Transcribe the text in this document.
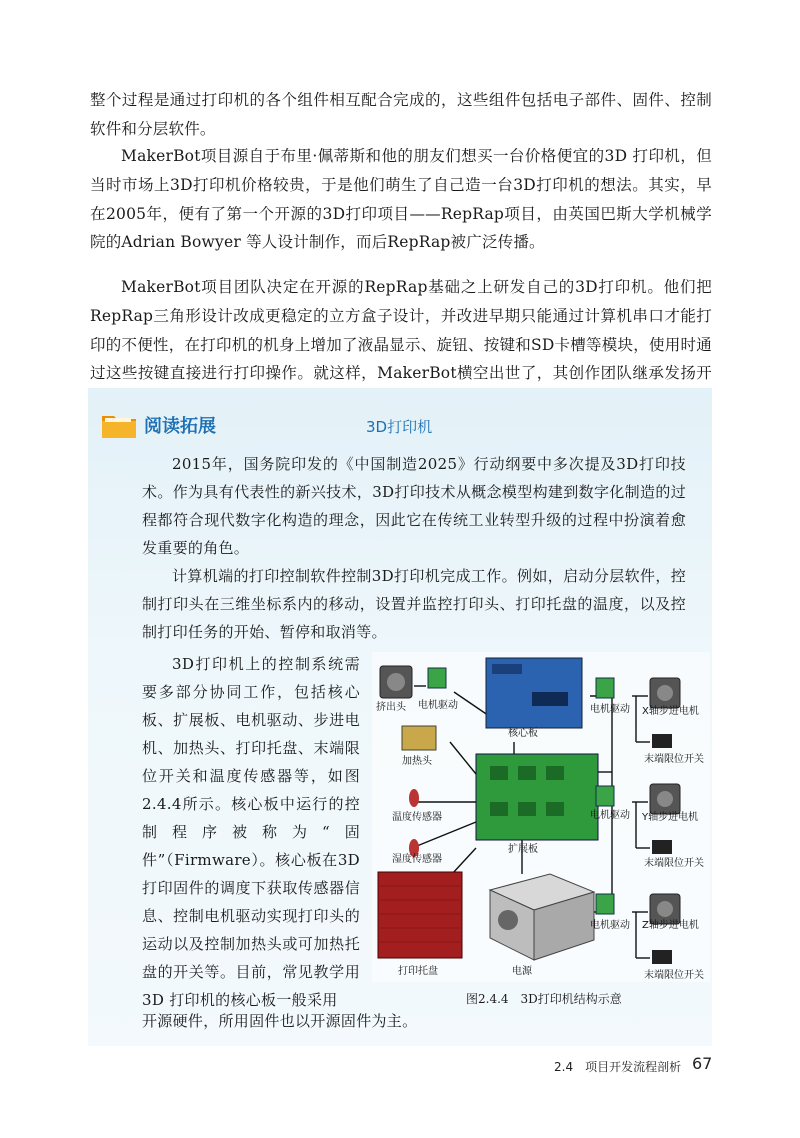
整个过程是通过打印机的各个组件相互配合完成的，这些组件包括电子部件、固件、控制软件和分层软件。

MakerBot项目源自于布里·佩蒂斯和他的朋友们想买一台价格便宜的3D 打印机，但当时市场上3D打印机价格较贵，于是他们萌生了自己造一台3D打印机的想法。其实，早在2005年，便有了第一个开源的3D打印项目——RepRap项目，由英国巴斯大学机械学院的Adrian Bowyer 等人设计制作，而后RepRap被广泛传播。

MakerBot项目团队决定在开源的RepRap基础之上研发自己的3D打印机。他们把RepRap三角形设计改成更稳定的立方盒子设计，并改进早期只能通过计算机串口才能打印的不便性，在打印机的机身上增加了液晶显示、旋钮、按键和SD卡槽等模块，使用时通过这些按键直接进行打印操作。就这样，MakerBot横空出世了，其创作团队继承发扬开

阅读拓展	3D打印机

2015年，国务院印发的《中国制造2025》行动纲要中多次提及3D打印技术。作为具有代表性的新兴技术，3D打印技术从概念模型构建到数字化制造的过程都符合现代数字化构造的理念，因此它在传统工业转型升级的过程中扮演着愈发重要的角色。

计算机端的打印控制软件控制3D打印机完成工作。例如，启动分层软件，控制打印头在三维坐标系内的移动，设置并监控打印头、打印托盘的温度，以及控制打印任务的开始、暂停和取消等。

3D打印机上的控制系统需要多部分协同工作，包括核心板、扩展板、电机驱动、步进电机、加热头、打印托盘、末端限位开关和温度传感器等，如图2.4.4所示。核心板中运行的控制程序被称为“固件”（Firmware）。核心板在3D打印固件的调度下获取传感器信息、控制电机驱动实现打印头的运动以及控制加热头或可加热托盘的开关等。目前，常见教学用3D 打印机的核心板一般采用

挤出头 电机驱动
核心板
加热头
温度传感器
湿度传感器
扩展板
打印托盘	电源
电机驱动 X轴步进电机
末端限位开关
电机驱动 Y轴步进电机
末端限位开关
电机驱动 Z轴步进电机
末端限位开关
图2.4.4　3D打印机结构示意
开源硬件，所用固件也以开源固件为主。
2.4　项目开发流程剖析 67
